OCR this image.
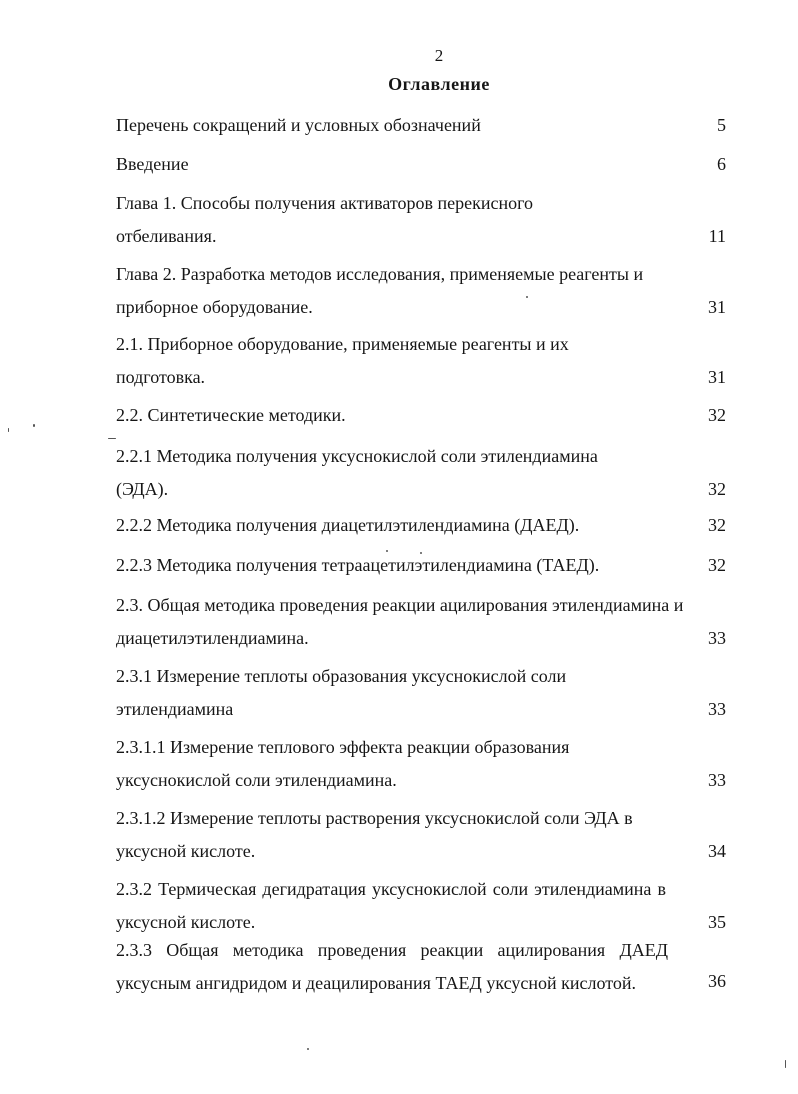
2
Оглавление
Перечень сокращений и условных обозначений	5
Введение	6
Глава 1. Способы получения активаторов перекисного отбеливания.	11
Глава 2. Разработка методов исследования, применяемые реагенты и приборное оборудование.	31
2.1. Приборное оборудование, применяемые реагенты и их подготовка.	31
2.2. Синтетические методики.	32
2.2.1 Методика получения уксуснокислой соли этилендиамина (ЭДА).	32
2.2.2 Методика получения диацетилэтилендиамина (ДАЕД).	32
2.2.3 Методика получения тетраацетилэтилендиамина (ТАЕД).	32
2.3. Общая методика проведения реакции ацилирования этилендиамина и диацетилэтилендиамина.	33
2.3.1 Измерение теплоты образования уксуснокислой соли этилендиамина	33
2.3.1.1 Измерение теплового эффекта реакции образования уксуснокислой соли этилендиамина.	33
2.3.1.2 Измерение теплоты растворения уксуснокислой соли ЭДА в уксусной кислоте.	34
2.3.2 Термическая дегидратация уксуснокислой соли этилендиамина в уксусной кислоте.	35
2.3.3 Общая методика проведения реакции ацилирования ДАЕД уксусным ангидридом и деацилирования ТАЕД уксусной кислотой.	36
